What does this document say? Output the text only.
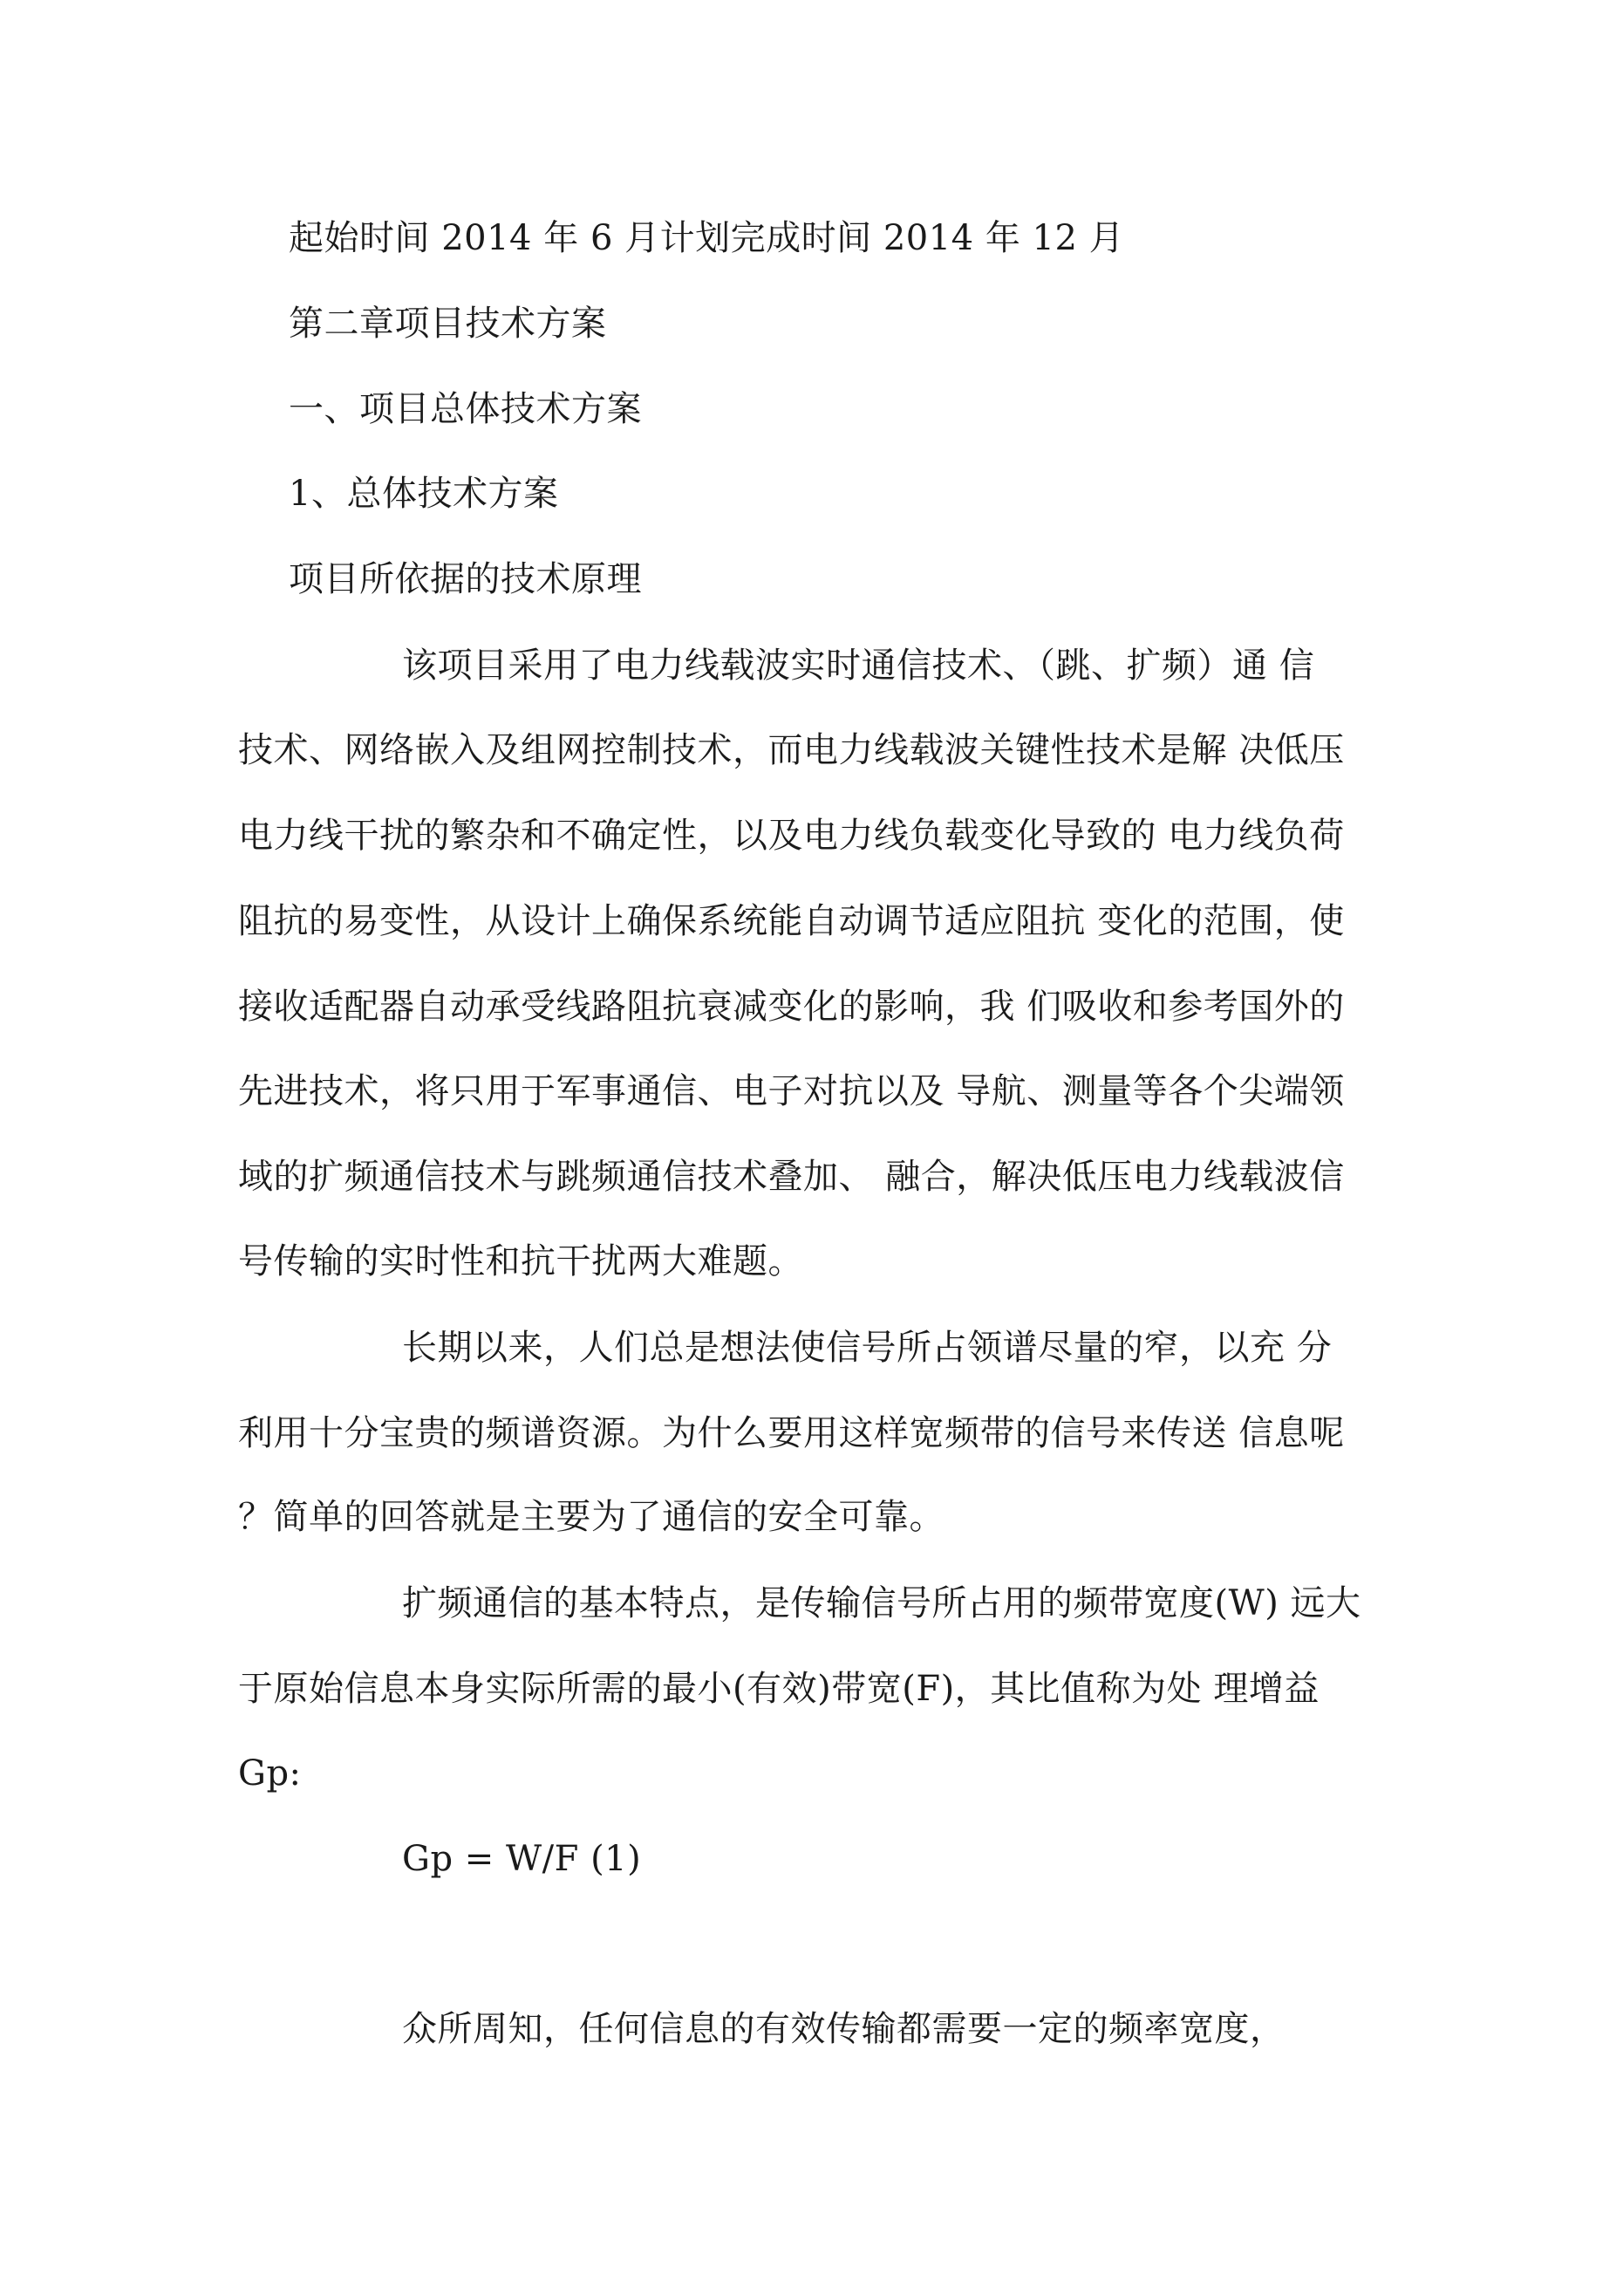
起始时间 2014 年 6 月计划完成时间 2014 年 12 月
第二章项目技术方案
一、项目总体技术方案
1、总体技术方案
项目所依据的技术原理
该项目采用了电力线载波实时通信技术、（跳、扩频）通 信
技术、网络嵌入及组网控制技术，而电力线载波关键性技术是解 决低压
电力线干扰的繁杂和不确定性，以及电力线负载变化导致的 电力线负荷
阻抗的易变性，从设计上确保系统能自动调节适应阻抗 变化的范围，使
接收适配器自动承受线路阻抗衰减变化的影响，我 们吸收和参考国外的
先进技术，将只用于军事通信、电子对抗以及 导航、测量等各个尖端领
域的扩频通信技术与跳频通信技术叠加、 融合，解决低压电力线载波信
号传输的实时性和抗干扰两大难题。
长期以来，人们总是想法使信号所占领谱尽量的窄，以充 分
利用十分宝贵的频谱资源。为什么要用这样宽频带的信号来传送 信息呢
？简单的回答就是主要为了通信的安全可靠。
扩频通信的基本特点，是传输信号所占用的频带宽度(W) 远大
于原始信息本身实际所需的最小(有效)带宽(F)，其比值称为处 理增益
Gp:
Gp = W/F (1)
众所周知，任何信息的有效传输都需要一定的频率宽度，
